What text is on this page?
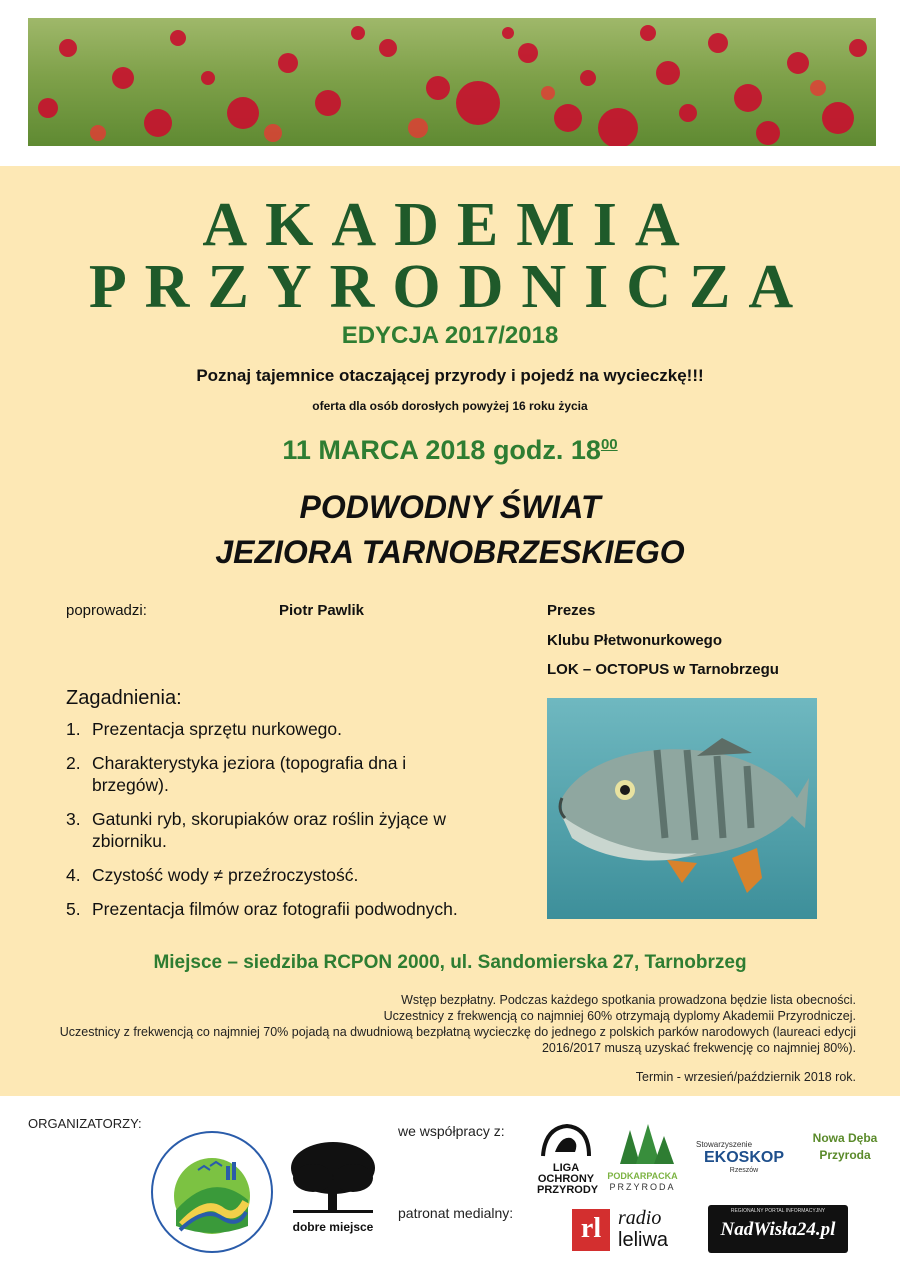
AKADEMIA
PRZYRODNICZA
EDYCJA 2017/2018
Poznaj tajemnice otaczającej przyrody i pojedź na wycieczkę!!!
oferta dla osób dorosłych powyżej 16 roku życia
11 MARCA 2018 godz. $18^{00}$
PODWODNY ŚWIAT
JEZIORA TARNOBRZESKIEGO
poprowadzi:	Piotr Pawlik	Prezes
Klubu Płetwonurkowego
LOK – OCTOPUS w Tarnobrzegu
Zagadnienia:
1. Prezentacja sprzętu nurkowego.
2. Charakterystyka jeziora (topografia dna i brzegów).
3. Gatunki ryb, skorupiaków oraz roślin żyjące w zbiorniku.
4. Czystość wody ≠ przeźroczystość.
5. Prezentacja filmów oraz fotografii podwodnych.
Miejsce – siedziba RCPON 2000, ul. Sandomierska 27, Tarnobrzeg

Wstęp bezpłatny. Podczas każdego spotkania prowadzona będzie lista obecności.

Uczestnicy z frekwencją co najmniej 60% otrzymają dyplomy Akademii Przyrodniczej.

Uczestnicy z frekwencją co najmniej 70% pojadą na dwudniową bezpłatną wycieczkę do jednego z polskich parków narodowych (laureaci edycji 2016/2017 muszą uzyskać frekwencję co najmniej 80%).

Termin - wrzesień/październik 2018 rok.
ORGANIZATORZY:	we współpracy z:
patronat medialny:
dobre miejsce
LIGA
OCHRONY
PRZYRODY
PODKARPACKA
PRZYRODA
Stowarzyszenie
EKOSKOP
Rzeszów
Nowa Dęba
Przyroda
rl radio
leliwa
REGIONALNY PORTAL INFORMACYJNY
NadWisła24.pl
